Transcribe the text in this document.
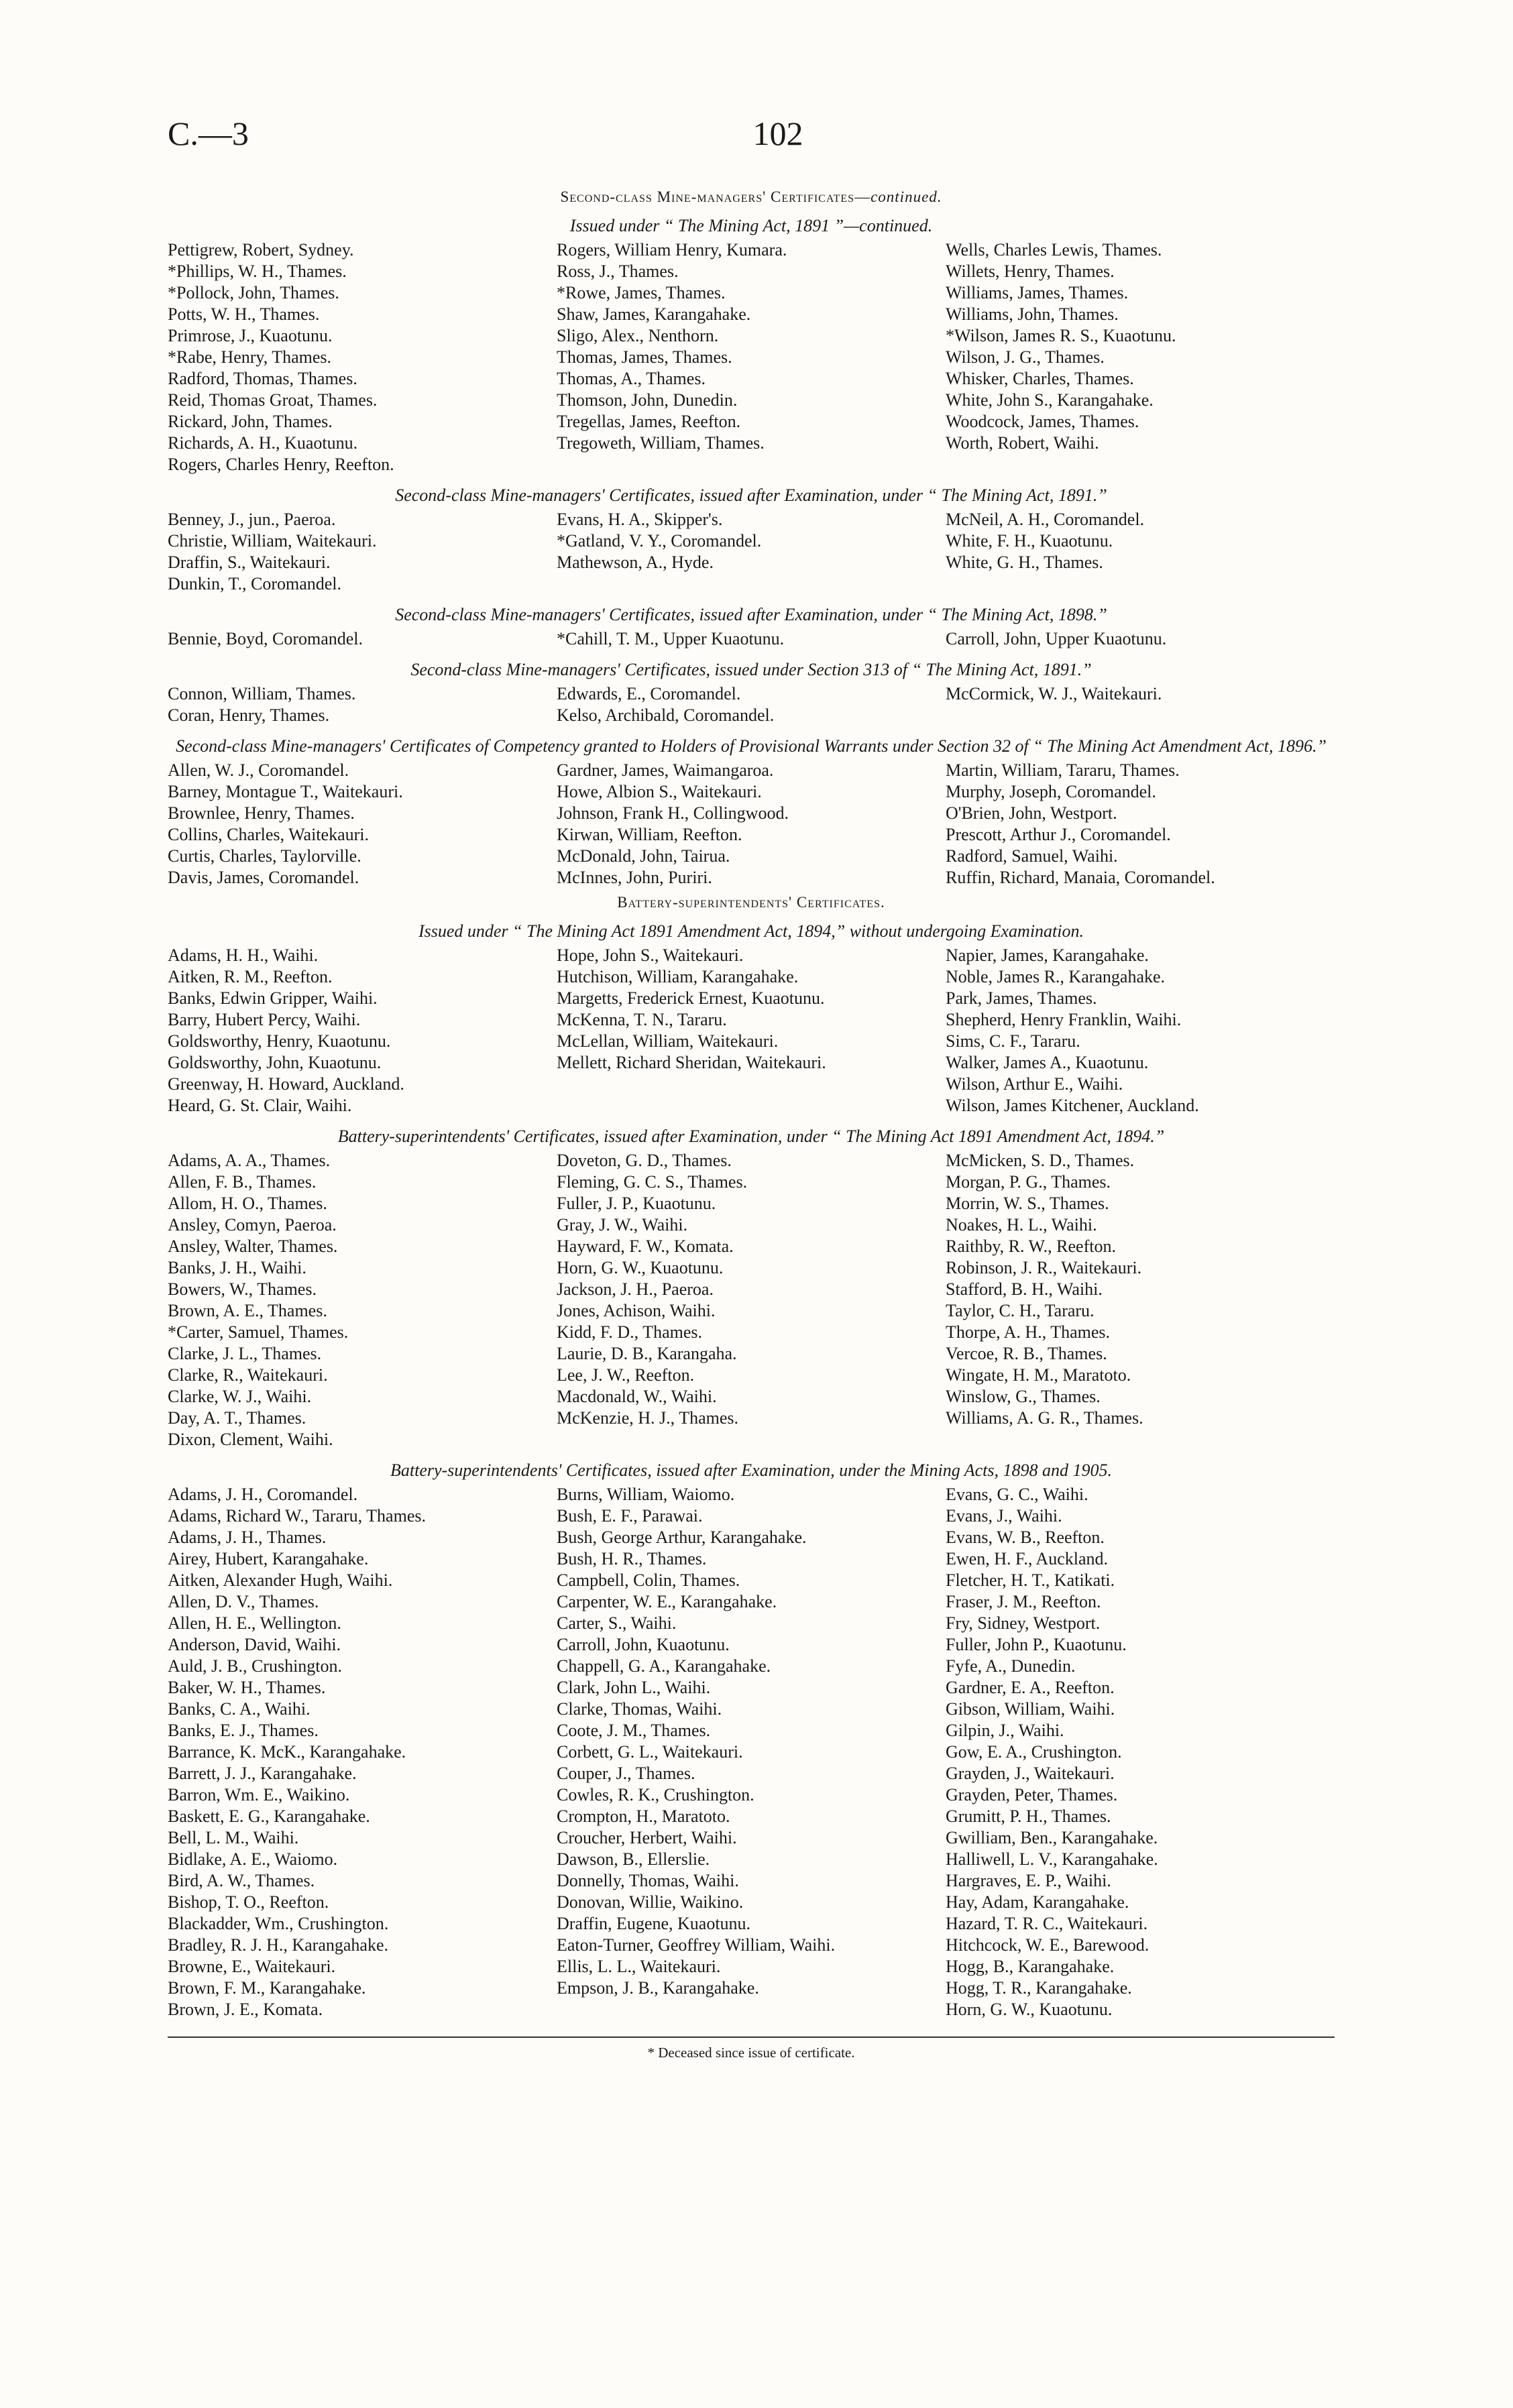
C.—3	102
Second-class Mine-managers' Certificates—continued.
Issued under “ The Mining Act, 1891 ”—continued.
Pettigrew, Robert, Sydney.
*Phillips, W. H., Thames.
*Pollock, John, Thames.
Potts, W. H., Thames.
Primrose, J., Kuaotunu.
*Rabe, Henry, Thames.
Radford, Thomas, Thames.
Reid, Thomas Groat, Thames.
Rickard, John, Thames.
Richards, A. H., Kuaotunu.
Rogers, Charles Henry, Reefton.
Rogers, William Henry, Kumara.
Ross, J., Thames.
*Rowe, James, Thames.
Shaw, James, Karangahake.
Sligo, Alex., Nenthorn.
Thomas, James, Thames.
Thomas, A., Thames.
Thomson, John, Dunedin.
Tregellas, James, Reefton.
Tregoweth, William, Thames.
Wells, Charles Lewis, Thames.
Willets, Henry, Thames.
Williams, James, Thames.
Williams, John, Thames.
*Wilson, James R. S., Kuaotunu.
Wilson, J. G., Thames.
Whisker, Charles, Thames.
White, John S., Karangahake.
Woodcock, James, Thames.
Worth, Robert, Waihi.
Second-class Mine-managers' Certificates, issued after Examination, under “ The Mining Act, 1891.”
Benney, J., jun., Paeroa.
Christie, William, Waitekauri.
Draffin, S., Waitekauri.
Dunkin, T., Coromandel.
Evans, H. A., Skipper's.
*Gatland, V. Y., Coromandel.
Mathewson, A., Hyde.
McNeil, A. H., Coromandel.
White, F. H., Kuaotunu.
White, G. H., Thames.
Second-class Mine-managers' Certificates, issued after Examination, under “ The Mining Act, 1898.”
Bennie, Boyd, Coromandel.	*Cahill, T. M., Upper Kuaotunu.	Carroll, John, Upper Kuaotunu.
Second-class Mine-managers' Certificates, issued under Section 313 of “ The Mining Act, 1891.”
Connon, William, Thames.
Coran, Henry, Thames.
Edwards, E., Coromandel.
Kelso, Archibald, Coromandel.
McCormick, W. J., Waitekauri.
Second-class Mine-managers' Certificates of Competency granted to Holders of Provisional Warrants under Section 32 of “ The Mining Act Amendment Act, 1896.”
Allen, W. J., Coromandel.
Barney, Montague T., Waitekauri.
Brownlee, Henry, Thames.
Collins, Charles, Waitekauri.
Curtis, Charles, Taylorville.
Davis, James, Coromandel.
Gardner, James, Waimangaroa.
Howe, Albion S., Waitekauri.
Johnson, Frank H., Collingwood.
Kirwan, William, Reefton.
McDonald, John, Tairua.
McInnes, John, Puriri.
Martin, William, Tararu, Thames.
Murphy, Joseph, Coromandel.
O'Brien, John, Westport.
Prescott, Arthur J., Coromandel.
Radford, Samuel, Waihi.
Ruffin, Richard, Manaia, Coromandel.
Battery-superintendents' Certificates.
Issued under “ The Mining Act 1891 Amendment Act, 1894,” without undergoing Examination.
Adams, H. H., Waihi.
Aitken, R. M., Reefton.
Banks, Edwin Gripper, Waihi.
Barry, Hubert Percy, Waihi.
Goldsworthy, Henry, Kuaotunu.
Goldsworthy, John, Kuaotunu.
Greenway, H. Howard, Auckland.
Heard, G. St. Clair, Waihi.
Hope, John S., Waitekauri.
Hutchison, William, Karangahake.
Margetts, Frederick Ernest, Kuaotunu.
McKenna, T. N., Tararu.
McLellan, William, Waitekauri.
Mellett, Richard Sheridan, Waitekauri.
Napier, James, Karangahake.
Noble, James R., Karangahake.
Park, James, Thames.
Shepherd, Henry Franklin, Waihi.
Sims, C. F., Tararu.
Walker, James A., Kuaotunu.
Wilson, Arthur E., Waihi.
Wilson, James Kitchener, Auckland.
Battery-superintendents' Certificates, issued after Examination, under “ The Mining Act 1891 Amendment Act, 1894.”
Adams, A. A., Thames.
Allen, F. B., Thames.
Allom, H. O., Thames.
Ansley, Comyn, Paeroa.
Ansley, Walter, Thames.
Banks, J. H., Waihi.
Bowers, W., Thames.
Brown, A. E., Thames.
*Carter, Samuel, Thames.
Clarke, J. L., Thames.
Clarke, R., Waitekauri.
Clarke, W. J., Waihi.
Day, A. T., Thames.
Dixon, Clement, Waihi.
Doveton, G. D., Thames.
Fleming, G. C. S., Thames.
Fuller, J. P., Kuaotunu.
Gray, J. W., Waihi.
Hayward, F. W., Komata.
Horn, G. W., Kuaotunu.
Jackson, J. H., Paeroa.
Jones, Achison, Waihi.
Kidd, F. D., Thames.
Laurie, D. B., Karangaha.
Lee, J. W., Reefton.
Macdonald, W., Waihi.
McKenzie, H. J., Thames.
McMicken, S. D., Thames.
Morgan, P. G., Thames.
Morrin, W. S., Thames.
Noakes, H. L., Waihi.
Raithby, R. W., Reefton.
Robinson, J. R., Waitekauri.
Stafford, B. H., Waihi.
Taylor, C. H., Tararu.
Thorpe, A. H., Thames.
Vercoe, R. B., Thames.
Wingate, H. M., Maratoto.
Winslow, G., Thames.
Williams, A. G. R., Thames.
Battery-superintendents' Certificates, issued after Examination, under the Mining Acts, 1898 and 1905.
Adams, J. H., Coromandel.
Adams, Richard W., Tararu, Thames.
Adams, J. H., Thames.
Airey, Hubert, Karangahake.
Aitken, Alexander Hugh, Waihi.
Allen, D. V., Thames.
Allen, H. E., Wellington.
Anderson, David, Waihi.
Auld, J. B., Crushington.
Baker, W. H., Thames.
Banks, C. A., Waihi.
Banks, E. J., Thames.
Barrance, K. McK., Karangahake.
Barrett, J. J., Karangahake.
Barron, Wm. E., Waikino.
Baskett, E. G., Karangahake.
Bell, L. M., Waihi.
Bidlake, A. E., Waiomo.
Bird, A. W., Thames.
Bishop, T. O., Reefton.
Blackadder, Wm., Crushington.
Bradley, R. J. H., Karangahake.
Browne, E., Waitekauri.
Brown, F. M., Karangahake.
Brown, J. E., Komata.
Burns, William, Waiomo.
Bush, E. F., Parawai.
Bush, George Arthur, Karangahake.
Bush, H. R., Thames.
Campbell, Colin, Thames.
Carpenter, W. E., Karangahake.
Carter, S., Waihi.
Carroll, John, Kuaotunu.
Chappell, G. A., Karangahake.
Clark, John L., Waihi.
Clarke, Thomas, Waihi.
Coote, J. M., Thames.
Corbett, G. L., Waitekauri.
Couper, J., Thames.
Cowles, R. K., Crushington.
Crompton, H., Maratoto.
Croucher, Herbert, Waihi.
Dawson, B., Ellerslie.
Donnelly, Thomas, Waihi.
Donovan, Willie, Waikino.
Draffin, Eugene, Kuaotunu.
Eaton-Turner, Geoffrey William, Waihi.
Ellis, L. L., Waitekauri.
Empson, J. B., Karangahake.
Evans, G. C., Waihi.
Evans, J., Waihi.
Evans, W. B., Reefton.
Ewen, H. F., Auckland.
Fletcher, H. T., Katikati.
Fraser, J. M., Reefton.
Fry, Sidney, Westport.
Fuller, John P., Kuaotunu.
Fyfe, A., Dunedin.
Gardner, E. A., Reefton.
Gibson, William, Waihi.
Gilpin, J., Waihi.
Gow, E. A., Crushington.
Grayden, J., Waitekauri.
Grayden, Peter, Thames.
Grumitt, P. H., Thames.
Gwilliam, Ben., Karangahake.
Halliwell, L. V., Karangahake.
Hargraves, E. P., Waihi.
Hay, Adam, Karangahake.
Hazard, T. R. C., Waitekauri.
Hitchcock, W. E., Barewood.
Hogg, B., Karangahake.
Hogg, T. R., Karangahake.
Horn, G. W., Kuaotunu.
* Deceased since issue of certificate.
